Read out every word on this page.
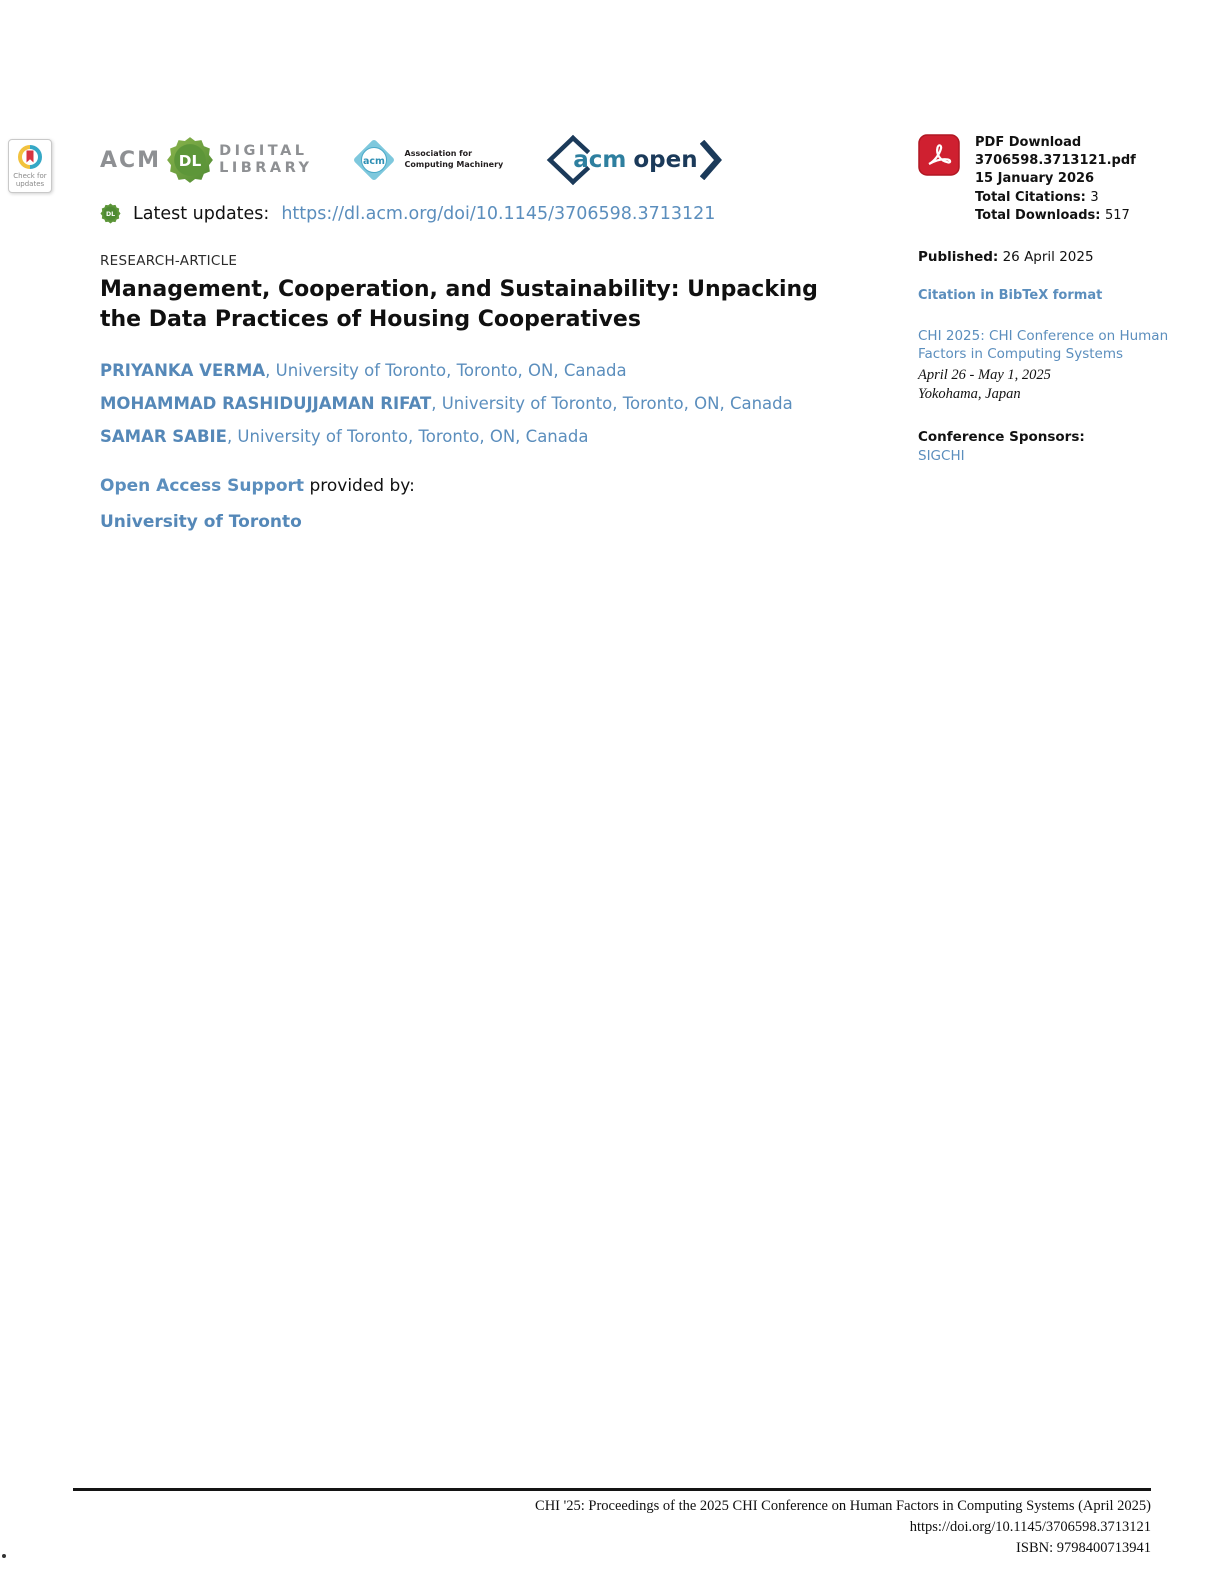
Check for updates
ACM DL
DIGITAL
LIBRARY	acm
Association for
Computing Machinery	acm open
DL Latest updates: https://dl.acm.org/doi/10.1145/3706598.3713121
RESEARCH-ARTICLE
Management, Cooperation, and Sustainability: Unpacking the Data Practices of Housing Cooperatives
PRIYANKA VERMA, University of Toronto, Toronto, ON, Canada
MOHAMMAD RASHIDUJJAMAN RIFAT, University of Toronto, Toronto, ON, Canada
SAMAR SABIE, University of Toronto, Toronto, ON, Canada
Open Access Support provided by:
University of Toronto
PDF Download
3706598.3713121.pdf
15 January 2026
Total Citations: 3
Total Downloads: 517
Published: 26 April 2025
Citation in BibTeX format
CHI 2025: CHI Conference on Human Factors in Computing Systems
April 26 - May 1, 2025
Yokohama, Japan
Conference Sponsors:
SIGCHI
CHI '25: Proceedings of the 2025 CHI Conference on Human Factors in Computing Systems (April 2025)
https://doi.org/10.1145/3706598.3713121
ISBN: 9798400713941
